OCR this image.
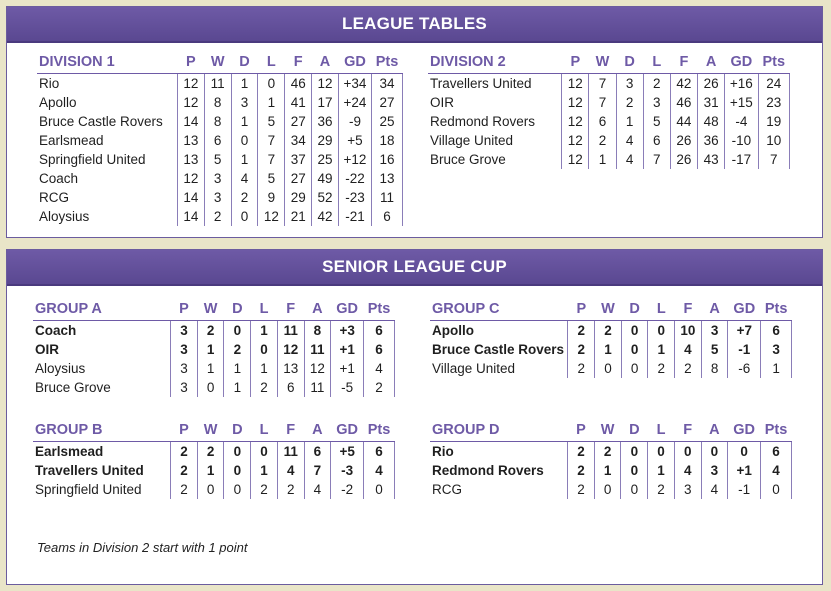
LEAGUE TABLES
DIVISION 1	P	W	D	L	F	A	GD	Pts
Rio	12	11	1	0	46	12	+34	34
Apollo	12	8	3	1	41	17	+24	27
Bruce Castle Rovers	14	8	1	5	27	36	-9	25
Earlsmead	13	6	0	7	34	29	+5	18
Springfield United	13	5	1	7	37	25	+12	16
Coach	12	3	4	5	27	49	-22	13
RCG	14	3	2	9	29	52	-23	11
Aloysius	14	2	0	12	21	42	-21	6
DIVISION 2	P	W	D	L	F	A	GD	Pts
Travellers United	12	7	3	2	42	26	+16	24
OIR	12	7	2	3	46	31	+15	23
Redmond Rovers	12	6	1	5	44	48	-4	19
Village United	12	2	4	6	26	36	-10	10
Bruce Grove	12	1	4	7	26	43	-17	7
SENIOR LEAGUE CUP
GROUP A	P	W	D	L	F	A	GD	Pts
Coach	3	2	0	1	11	8	+3	6
OIR	3	1	2	0	12	11	+1	6
Aloysius	3	1	1	1	13	12	+1	4
Bruce Grove	3	0	1	2	6	11	-5	2
GROUP B	P	W	D	L	F	A	GD	Pts
Earlsmead	2	2	0	0	11	6	+5	6
Travellers United	2	1	0	1	4	7	-3	4
Springfield United	2	0	0	2	2	4	-2	0
GROUP C	P	W	D	L	F	A	GD	Pts
Apollo	2	2	0	0	10	3	+7	6
Bruce Castle Rovers	2	1	0	1	4	5	-1	3
Village United	2	0	0	2	2	8	-6	1
GROUP D	P	W	D	L	F	A	GD	Pts
Rio	2	2	0	0	0	0	0	6
Redmond Rovers	2	1	0	1	4	3	+1	4
RCG	2	0	0	2	3	4	-1	0
Teams in Division 2 start with 1 point
